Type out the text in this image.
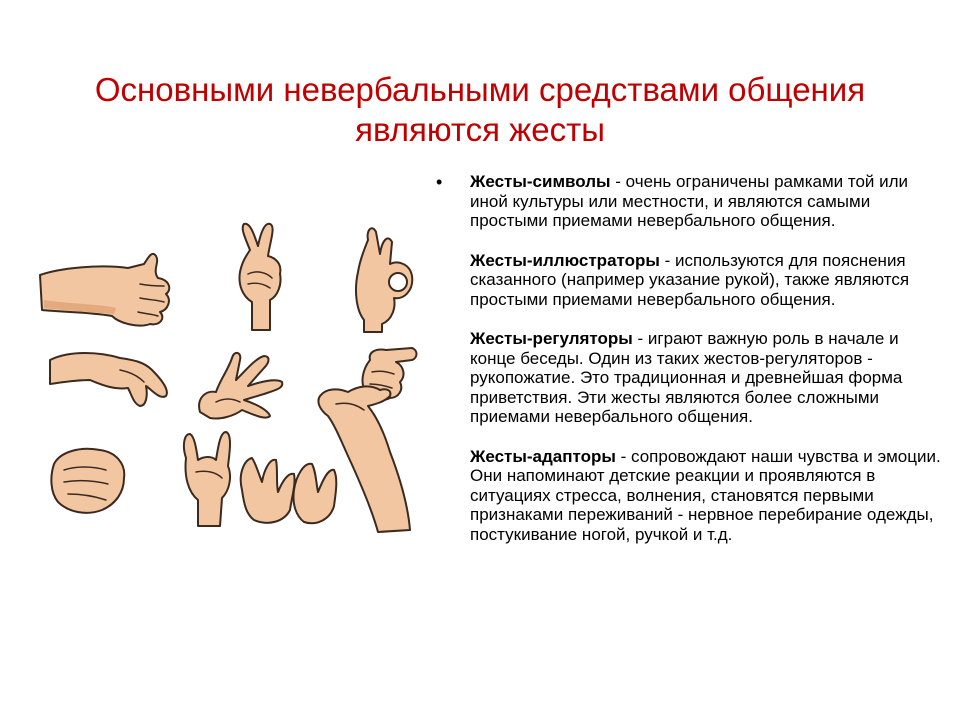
Основными невербальными средствами общения
являются жесты
•	Жесты-символы - очень ограничены рамками той или иной культуры или местности, и являются самыми простыми приемами невербального общения.

Жесты-иллюстраторы - используются для пояснения сказанного (например указание рукой), также являются простыми приемами невербального общения.

Жесты-регуляторы - играют важную роль в начале и конце беседы. Один из таких жестов-регуляторов - рукопожатие. Это традиционная и древнейшая форма приветствия. Эти жесты являются более сложными приемами невербального общения.

Жесты-адапторы - сопровождают наши чувства и эмоции. Они напоминают детские реакции и проявляются в ситуациях стресса, волнения, становятся первыми признаками переживаний - нервное перебирание одежды, постукивание ногой, ручкой и т.д.
